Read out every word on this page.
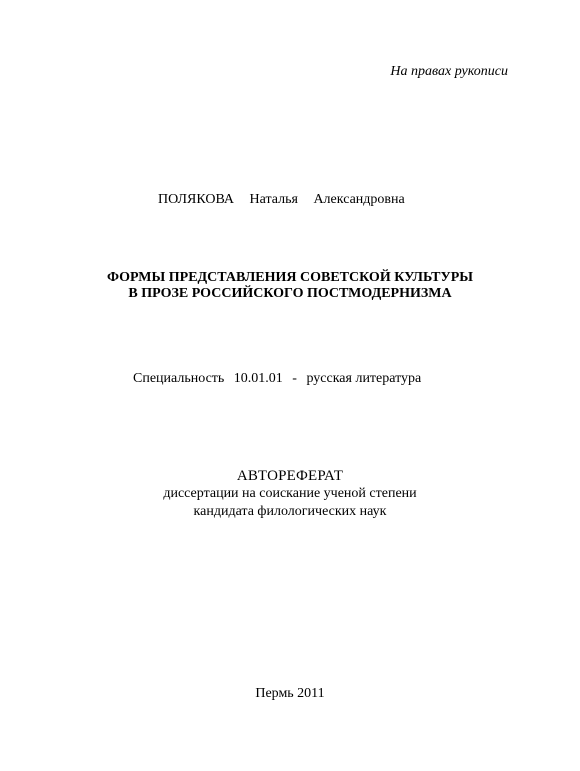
На правах рукописи
ПОЛЯКОВА Наталья Александровна
ФОРМЫ ПРЕДСТАВЛЕНИЯ СОВЕТСКОЙ КУЛЬТУРЫ
В ПРОЗЕ РОССИЙСКОГО ПОСТМОДЕРНИЗМА
Специальность 10.01.01 - русская литература
АВТОРЕФЕРАТ
диссертации на соискание ученой степени
кандидата филологических наук
Пермь 2011
